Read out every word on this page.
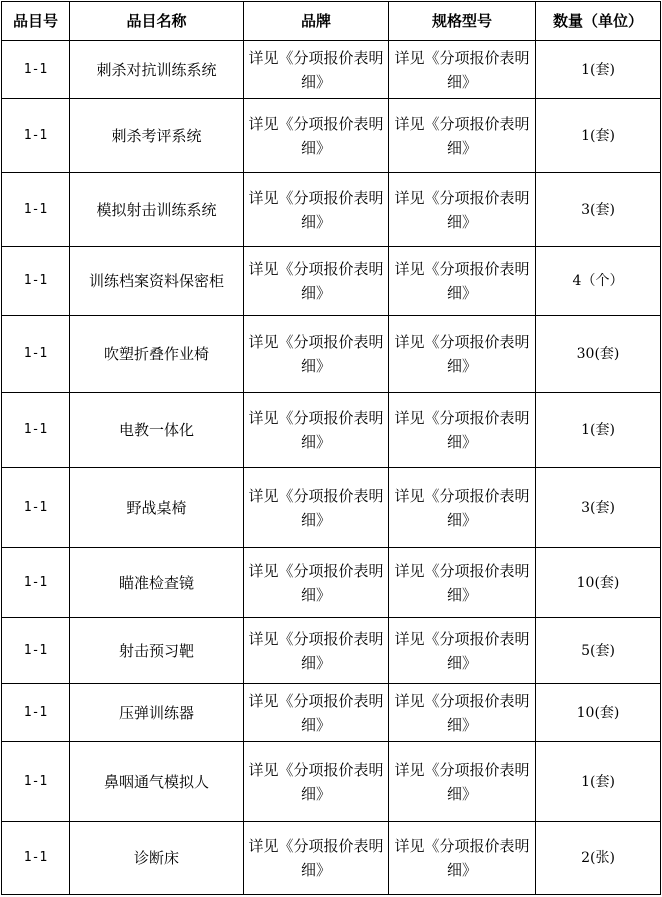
品目号	品目名称	品牌	规格型号	数量（单位）
1-1	刺杀对抗训练系统	详见《分项报价表明细》	详见《分项报价表明细》	1(套)
1-1	刺杀考评系统	详见《分项报价表明细》	详见《分项报价表明细》	1(套)
1-1	模拟射击训练系统	详见《分项报价表明细》	详见《分项报价表明细》	3(套)
1-1	训练档案资料保密柜	详见《分项报价表明细》	详见《分项报价表明细》	4（个）
1-1	吹塑折叠作业椅	详见《分项报价表明细》	详见《分项报价表明细》	30(套)
1-1	电教一体化	详见《分项报价表明细》	详见《分项报价表明细》	1(套)
1-1	野战桌椅	详见《分项报价表明细》	详见《分项报价表明细》	3(套)
1-1	瞄准检查镜	详见《分项报价表明细》	详见《分项报价表明细》	10(套)
1-1	射击预习靶	详见《分项报价表明细》	详见《分项报价表明细》	5(套)
1-1	压弹训练器	详见《分项报价表明细》	详见《分项报价表明细》	10(套)
1-1	鼻咽通气模拟人	详见《分项报价表明细》	详见《分项报价表明细》	1(套)
1-1	诊断床	详见《分项报价表明细》	详见《分项报价表明细》	2(张)
